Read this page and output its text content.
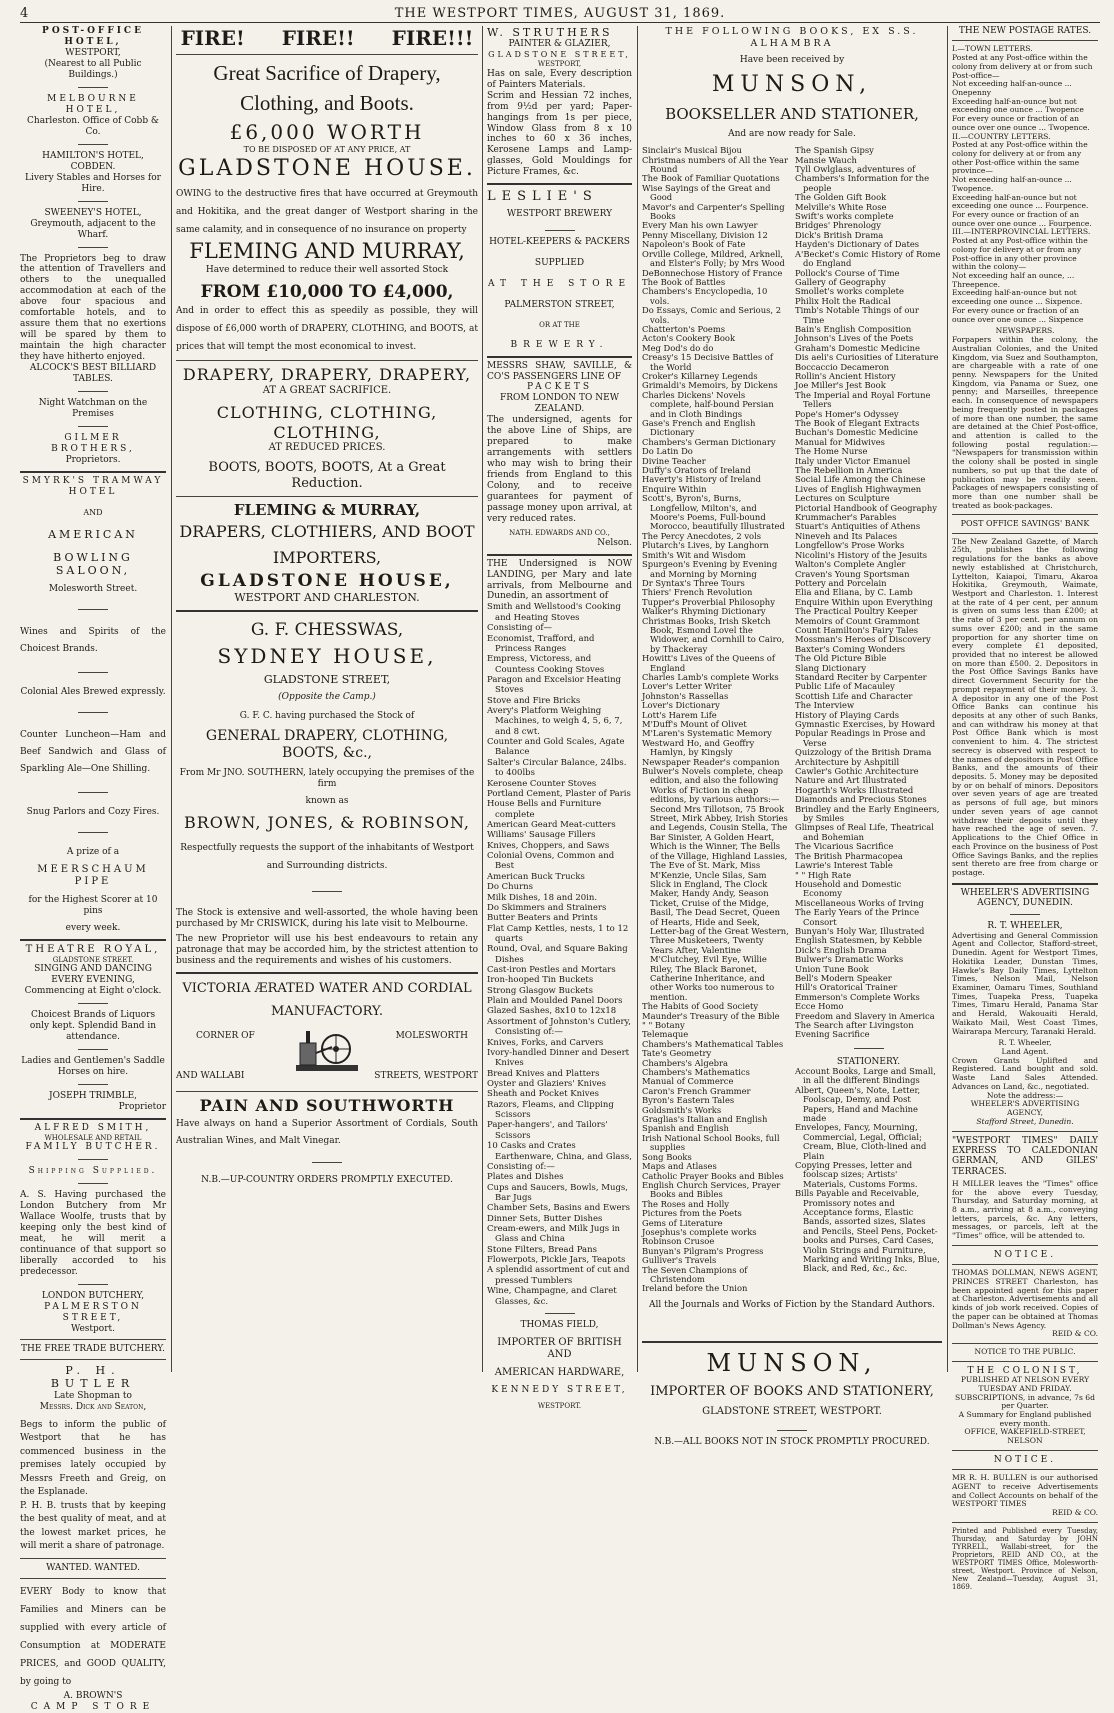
4	THE WESTPORT TIMES, AUGUST 31, 1869.

POST-OFFICE HOTEL,

WESTPORT,

(Nearest to all Public Buildings.)

MELBOURNE HOTEL,

Charleston. Office of Cobb & Co.

HAMILTON'S HOTEL, COBDEN.

Livery Stables and Horses for Hire.

SWEENEY'S HOTEL,

Greymouth, adjacent to the Wharf.

The Proprietors beg to draw the attention of Travellers and others to the unequalled accommodation at each of the above four spacious and comfortable hotels, and to assure them that no exertions will be spared by them to maintain the high character they have hitherto enjoyed.

ALCOCK'S BEST BILLIARD TABLES.

Night Watchman on the Premises

GILMER BROTHERS,

Proprietors.

SMYRK'S TRAMWAY HOTEL

AND

AMERICAN

BOWLING SALOON,

Molesworth Street.

Wines and Spirits of the Choicest Brands.

Colonial Ales Brewed expressly.

Counter Luncheon—Ham and Beef Sandwich and Glass of Sparkling Ale—One Shilling.

Snug Parlors and Cozy Fires.

A prize of a

MEERSCHAUM PIPE

for the Highest Scorer at 10 pins

every week.

THEATRE ROYAL,

GLADSTONE STREET.

SINGING AND DANCING

EVERY EVENING,

Commencing at Eight o'clock.

Choicest Brands of Liquors only kept. Splendid Band in attendance.

Ladies and Gentlemen's Saddle Horses on hire.

JOSEPH TRIMBLE,

Proprietor

ALFRED SMITH,

WHOLESALE AND RETAIL

FAMILY BUTCHER.

Shipping Supplied.

A. S. Having purchased the London Butchery from Mr Wallace Woolfe, trusts that by keeping only the best kind of meat, he will merit a continuance of that support so liberally accorded to his predecessor.

LONDON BUTCHERY,

PALMERSTON STREET,

Westport.

THE FREE TRADE BUTCHERY.

P. H. BUTLER

Late Shopman to

Messrs. Dick and Seaton,

Begs to inform the public of Westport that he has commenced business in the premises lately occupied by Messrs Freeth and Greig, on the Esplanade.

P. H. B. trusts that by keeping the best quality of meat, and at the lowest market prices, he will merit a share of patronage.

WANTED. WANTED.

EVERY Body to know that Families and Miners can be supplied with every article of Consumption at MODERATE PRICES, and GOOD QUALITY, by going to

A. BROWN'S

CAMP STORE

FIRE! FIRE!! FIRE!!!

Great Sacrifice of Drapery, Clothing, and Boots.

£6,000 WORTH

TO BE DISPOSED OF AT ANY PRICE, AT

GLADSTONE HOUSE.

OWING to the destructive fires that have occurred at Greymouth and Hokitika, and the great danger of Westport sharing in the same calamity, and in consequence of no insurance on property

FLEMING AND MURRAY,

Have determined to reduce their well assorted Stock

FROM £10,000 TO £4,000,

And in order to effect this as speedily as possible, they will dispose of £6,000 worth of DRAPERY, CLOTHING, and BOOTS, at prices that will tempt the most economical to invest.

DRAPERY, DRAPERY, DRAPERY,

AT A GREAT SACRIFICE.

CLOTHING, CLOTHING, CLOTHING,

AT REDUCED PRICES.

BOOTS, BOOTS, BOOTS, At a Great Reduction.

FLEMING & MURRAY,

DRAPERS, CLOTHIERS, AND BOOT IMPORTERS,

GLADSTONE HOUSE,

WESTPORT AND CHARLESTON.

G. F. CHESSWAS,

SYDNEY HOUSE,

GLADSTONE STREET,

(Opposite the Camp.)

G. F. C. having purchased the Stock of

GENERAL DRAPERY, CLOTHING, BOOTS, &c.,

From Mr JNO. SOUTHERN, lately occupying the premises of the firm

known as

BROWN, JONES, & ROBINSON,

Respectfully requests the support of the inhabitants of Westport and Surrounding districts.

The Stock is extensive and well-assorted, the whole having been purchased by Mr CRISWICK, during his late visit to Melbourne.

The new Proprietor will use his best endeavours to retain any patronage that may be accorded him, by the strictest attention to business and the requirements and wishes of his customers.

VICTORIA ÆRATED WATER AND CORDIAL MANUFACTORY.

CORNER OF	MOLESWORTH
AND WALLABI	STREETS, WESTPORT

PAIN AND SOUTHWORTH

Have always on hand a Superior Assortment of Cordials, South Australian Wines, and Malt Vinegar.

N.B.—UP-COUNTRY ORDERS PROMPTLY EXECUTED.

W. STRUTHERS

PAINTER & GLAZIER,

GLADSTONE STREET,

WESTPORT,

Has on sale, Every description of Painters Materials.

Scrim and Hessian 72 inches, from 9½d per yard; Paper-hangings from 1s per piece, Window Glass from 8 x 10 inches to 60 x 36 inches, Kerosene Lamps and Lamp-glasses, Gold Mouldings for Picture Frames, &c.

LESLIE'S

WESTPORT BREWERY

HOTEL-KEEPERS & PACKERS

SUPPLIED

AT THE STORE

PALMERSTON STREET,

OR AT THE

BREWERY.

MESSRS SHAW, SAVILLE, & CO'S PASSENGERS LINE OF

PACKETS

FROM LONDON TO NEW ZEALAND.

The undersigned, agents for the above Line of Ships, are prepared to make arrangements with settlers who may wish to bring their friends from England to this Colony, and to receive guarantees for payment of passage money upon arrival, at very reduced rates.

NATH. EDWARDS AND CO.,

Nelson.

THE Undersigned is NOW LANDING, per Mary and late arrivals, from Melbourne and Dunedin, an assortment of

Smith and Wellstood's Cooking and Heating Stoves

Consisting of—

Economist, Trafford, and Princess Ranges

Empress, Victoress, and Countess Cooking Stoves

Paragon and Excelsior Heating Stoves

Stove and Fire Bricks

Avery's Platform Weighing Machines, to weigh 4, 5, 6, 7, and 8 cwt.

Counter and Gold Scales, Agate Balance

Salter's Circular Balance, 24lbs. to 400lbs

Kerosene Counter Stoves

Portland Cement, Plaster of Paris

House Bells and Furniture complete

American Geard Meat-cutters

Williams' Sausage Fillers

Knives, Choppers, and Saws

Colonial Ovens, Common and Best

American Buck Trucks

Do Churns

Milk Dishes, 18 and 20in.

Do Skimmers and Strainers

Butter Beaters and Prints

Flat Camp Kettles, nests, 1 to 12 quarts

Round, Oval, and Square Baking Dishes

Cast-iron Pestles and Mortars

Iron-hooped Tin Buckets

Strong Glasgow Buckets

Plain and Moulded Panel Doors

Glazed Sashes, 8x10 to 12x18

Assortment of Johnston's Cutlery, Consisting of:—

Knives, Forks, and Carvers

Ivory-handled Dinner and Desert Knives

Bread Knives and Platters

Oyster and Glaziers' Knives

Sheath and Pocket Knives

Razors, Fleams, and Clipping Scissors

Paper-hangers', and Tailors' Scissors

10 Casks and Crates Earthenware, China, and Glass,

Consisting of:—

Plates and Dishes

Cups and Saucers, Bowls, Mugs, Bar Jugs

Chamber Sets, Basins and Ewers

Dinner Sets, Butter Dishes

Cream-ewers, and Milk Jugs in Glass and China

Stone Filters, Bread Pans

Flowerpots, Pickle Jars, Teapots

A splendid assortment of cut and pressed Tumblers

Wine, Champagne, and Claret Glasses, &c.

THOMAS FIELD,

IMPORTER OF BRITISH AND

AMERICAN HARDWARE,

KENNEDY STREET,

WESTPORT.

THE FOLLOWING BOOKS, EX S.S. ALHAMBRA

Have been received by

MUNSON,

BOOKSELLER AND STATIONER,

And are now ready for Sale.

Sinclair's Musical Bijou

Christmas numbers of All the Year Round

The Book of Familiar Quotations

Wise Sayings of the Great and Good

Mavor's and Carpenter's Spelling Books

Every Man his own Lawyer

Penny Miscellany, Division 12

Napoleon's Book of Fate

Orville College, Mildred, Arknell, and Elster's Folly; by Mrs Wood

DeBonnechose History of France

The Book of Battles

Chambers's Encyclopedia, 10 vols.

Do Essays, Comic and Serious, 2 vols.

Chatterton's Poems

Acton's Cookery Book

Meg Dod's do do

Creasy's 15 Decisive Battles of the World

Croker's Killarney Legends

Grimaldi's Memoirs, by Dickens

Charles Dickens' Novels complete, half-bound Persian and in Cloth Bindings

Gase's French and English Dictionary

Chambers's German Dictionary

Do Latin Do

Divine Teacher

Duffy's Orators of Ireland

Haverty's History of Ireland

Enquire Within

Scott's, Byron's, Burns, Longfellow, Milton's, and Moore's Poems, Full-bound Morocco, beautifully Illustrated

The Percy Anecdotes, 2 vols

Plutarch's Lives, by Langhorn

Smith's Wit and Wisdom

Spurgeon's Evening by Evening and Morning by Morning

Dr Syntax's Three Tours

Thiers' French Revolution

Tupper's Proverbial Philosophy

Walker's Rhyming Dictionary

Christmas Books, Irish Sketch Book, Esmond Lovel the Widower, and Cornhill to Cairo, by Thackeray

Howitt's Lives of the Queens of England

Charles Lamb's complete Works

Lover's Letter Writer

Johnston's Rassellas

Lover's Dictionary

Lott's Harem Life

M'Duff's Mount of Olivet

M'Laren's Systematic Memory

Westward Ho, and Geoffry Hamlyn, by Kingsly

Newspaper Reader's companion

Bulwer's Novels complete, cheap edition, and also the following Works of Fiction in cheap editions, by various authors:—Second Mrs Tillotson, 75 Brook Street, Mirk Abbey, Irish Stories and Legends, Cousin Stella, The Bar Sinister, A Golden Heart, Which is the Winner, The Bells of the Village, Highland Lassies, The Eve of St. Mark, Miss M'Kenzie, Uncle Silas, Sam Slick in England, The Clock Maker, Handy Andy, Season Ticket, Cruise of the Midge, Basil, The Dead Secret, Queen of Hearts, Hide and Seek, Letter-bag of the Great Western, Three Musketeers, Twenty Years After, Valentine M'Clutchey, Evil Eye, Willie Riley, The Black Baronet, Catherine Inheritance, and other Works too numerous to mention.

The Habits of Good Society

Maunder's Treasury of the Bible

" " Botany

Telemaque

Chambers's Mathematical Tables

Tate's Geometry

Chambers's Algebra

Chambers's Mathematics

Manual of Commerce

Caron's French Grammer

Byron's Eastern Tales

Goldsmith's Works

Graglias's Italian and English

Spanish and English

Irish National School Books, full supplies

Song Books

Maps and Atlases

Catholic Prayer Books and Bibles

English Church Services, Prayer Books and Bibles

The Roses and Holly

Pictures from the Poets

Gems of Literature

Josephus's complete works

Robinson Crusoe

Bunyan's Pilgram's Progress

Gulliver's Travels

The Seven Champions of Christendom

Ireland before the Union

The Spanish Gipsy

Mansie Wauch

Tyll Owlglass, adventures of

Chambers's Information for the people

The Golden Gift Book

Melville's White Rose

Swift's works complete

Bridges' Phrenology

Dick's British Drama

Hayden's Dictionary of Dates

A'Becket's Comic History of Rome do England

Pollock's Course of Time

Gallery of Geography

Smollet's works complete

Philix Holt the Radical

Timb's Notable Things of our Time

Bain's English Composition

Johnson's Lives of the Poets

Graham's Domestic Medicine

Dis aeli's Curiosities of Literature

Boccaccio Decameron

Rollin's Ancient History

Joe Miller's Jest Book

The Imperial and Royal Fortune Tellers

Pope's Homer's Odyssey

The Book of Elegant Extracts

Buchan's Domestic Medicine

Manual for Midwives

The Home Nurse

Italy under Victor Emanuel

The Rebellion in America

Social Life Among the Chinese

Lives of English Highwaymen

Lectures on Sculpture

Pictorial Handbook of Geography

Krummacher's Parables

Stuart's Antiquities of Athens

Nineveh and Its Palaces

Longfellow's Prose Works

Nicolini's History of the Jesuits

Walton's Complete Angler

Craven's Young Sportsman

Pottery and Porcelain

Elia and Eliana, by C. Lamb

Enquire Within upon Everything

The Practical Poultry Keeper

Memoirs of Count Grammont

Count Hamilton's Fairy Tales

Mossman's Heroes of Discovery

Baxter's Coming Wonders

The Old Picture Bible

Slang Dictionary

Standard Reciter by Carpenter

Public Life of Macauley

Scottish Life and Character

The Interview

History of Playing Cards

Gymnastic Exercises, by Howard

Popular Readings in Prose and Verse

Quizzology of the British Drama

Architecture by Ashpitill

Cawler's Gothic Architecture

Nature and Art Illustrated

Hogarth's Works Illustrated

Diamonds and Precious Stones

Brindley and the Early Engineers, by Smiles

Glimpses of Real Life, Theatrical and Bohemian

The Vicarious Sacrifice

The British Pharmacopea

Lawrie's Interest Table

" " High Rate

Household and Domestic Economy

Miscellaneous Works of Irving

The Early Years of the Prince Consort

Bunyan's Holy War, Illustrated

English Statesmen, by Kebble

Dick's English Drama

Bulwer's Dramatic Works

Union Tune Book

Bell's Modern Speaker

Hill's Oratorical Trainer

Emmerson's Complete Works

Ecce Homo

Freedom and Slavery in America

The Search after Livingston

Evening Sacrifice

STATIONERY.

Account Books, Large and Small, in all the different Bindings

Albert, Queen's, Note, Letter, Foolscap, Demy, and Post Papers, Hand and Machine made

Envelopes, Fancy, Mourning, Commercial, Legal, Official; Cream, Blue, Cloth-lined and Plain

Copying Presses, letter and foolscap sizes; Artists' Materials, Customs Forms.

Bills Payable and Receivable, Promissory notes and Acceptance forms, Elastic Bands, assorted sizes, Slates and Pencils, Steel Pens, Pocket-books and Purses, Card Cases, Violin Strings and Furniture, Marking and Writing Inks, Blue, Black, and Red, &c., &c.

All the Journals and Works of Fiction by the Standard Authors.

MUNSON,

IMPORTER OF BOOKS AND STATIONERY,

GLADSTONE STREET, WESTPORT.

N.B.—ALL BOOKS NOT IN STOCK PROMPTLY PROCURED.

THE NEW POSTAGE RATES.

I.—TOWN LETTERS.

Posted at any Post-office within the colony from delivery at or from such Post-office—

Not exceeding half-an-ounce ... Onepenny

Exceeding half-an-ounce but not exceeding one ounce ... Twopence

For every ounce or fraction of an ounce over one ounce ... Twopence.

II.—COUNTRY LETTERS.

Posted at any Post-office within the colony for delivery at or from any other Post-office within the same province—

Not exceeding half-an-ounce ... Twopence.

Exceeding half-an-ounce but not exceeding one ounce ... Fourpence.

For every ounce or fraction of an ounce over one ounce ... Fourpence.

III.—INTERPROVINCIAL LETTERS.

Posted at any Post-office within the colony for delivery at or from any Post-office in any other province within the colony—

Not exceeding half an ounce, ... Threepence.

Exceeding half-an-ounce but not exceeding one ounce ... Sixpence.

For every ounce or fraction of an ounce over one ounce ... Sixpence

NEWSPAPERS.

Forpapers within the colony, the Australian Colonies, and the United Kingdom, via Suez and Southampton, are chargeable with a rate of one penny. Newspapers for the United Kingdom, via Panama or Suez, one penny; and Marseilles, threepence each. In consequence of newspapers being frequently posted in packages of more than one number, the same are detained at the Chief Post-office, and attention is called to the following postal regulation:— "Newspapers for transmission within the colony shall be posted in single numbers, so put up that the date of publication may be readily seen. Packages of newspapers consisting of more than one number shall be treated as book-packages.

POST OFFICE SAVINGS' BANK

The New Zealand Gazette, of March 25th, publishes the following regulations for the banks as above newly established at Christchurch, Lyttelton, Kaiapoi, Timaru, Akaroa Hokitika, Greymouth, Waimate, Westport and Charleston. 1. Interest at the rate of 4 per cent, per annum is given on sums less than £200; at the rate of 3 per cent. per annum on sums over £200; and in the same proportion for any shorter time on every complete £1 deposited, provided that no interest be allowed on more than £500. 2. Depositors in the Post Office Savings Banks have direct Government Security for the prompt repayment of their money. 3. A depositor in any one of the Post Office Banks can continue his deposits at any other of such Banks, and can withdraw his money at that Post Office Bank which is most convenient to him. 4. The strictest secrecy is observed with respect to the names of depositors in Post Office Banks, and the amounts of their deposits. 5. Money may be deposited by or on behalf of minors. Depositors over seven years of age are treated as persons of full age, but minors under seven years of age cannot withdraw their deposits until they have reached the age of seven. 7. Applications to the Chief Office in each Province on the business of Post Office Savings Banks, and the replies sent thereto are free from charge or postage.

WHEELER'S ADVERTISING AGENCY, DUNEDIN.

R. T. WHEELER,

Advertising and General Commission Agent and Collector, Stafford-street, Dunedin. Agent for Westport Times, Hokitika Leader, Dunstan Times, Hawke's Bay Daily Times, Lyttelton Times, Nelson Mail, Nelson Examiner, Oamaru Times, Southland Times, Tuapeka Press, Tuapeka Times, Timaru Herald, Panama Star and Herald, Wakouaiti Herald, Waikato Mail, West Coast Times, Wairarapa Mercury, Taranaki Herald.

R. T. Wheeler,

Land Agent.

Crown Grants Uplifted and Registered. Land bought and sold. Waste Land Sales Attended. Advances on Land, &c., negotiated.

Note the address:—

WHEELER'S ADVERTISING AGENCY,

Stafford Street, Dunedin.

"WESTPORT TIMES" DAILY EXPRESS TO CALEDONIAN GERMAN, AND GILES' TERRACES.

H MILLER leaves the "Times" office for the above every Tuesday, Thursday, and Saturday morning, at 8 a.m., arriving at 8 a.m., conveying letters, parcels, &c. Any letters, messages, or parcels, left at the "Times" office, will be attended to.

NOTICE.

THOMAS DOLLMAN, NEWS AGENT, PRINCES STREET Charleston, has been appointed agent for this paper at Charleston. Advertisements and all kinds of job work received. Copies of the paper can be obtained at Thomas Dollman's News Agency.

REID & CO.

NOTICE TO THE PUBLIC.

THE COLONIST,

PUBLISHED AT NELSON EVERY TUESDAY AND FRIDAY.

SUBSCRIPTIONS, in advance, 7s 6d per Quarter.

A Summary for England published every month.

OFFICE, WAKEFIELD-STREET, NELSON

NOTICE.

MR R. H. BULLEN is our authorised AGENT to receive Advertisements and Collect Accounts on behalf of the WESTPORT TIMES

REID & CO.

Printed and Published every Tuesday, Thursday, and Saturday by JOHN TYRRELL, Wallabi-street, for the Proprietors, REID AND CO., at the WESTPORT TIMES Office, Molesworth-street, Westport. Province of Nelson, New Zealand—Tuesday, August 31, 1869.
